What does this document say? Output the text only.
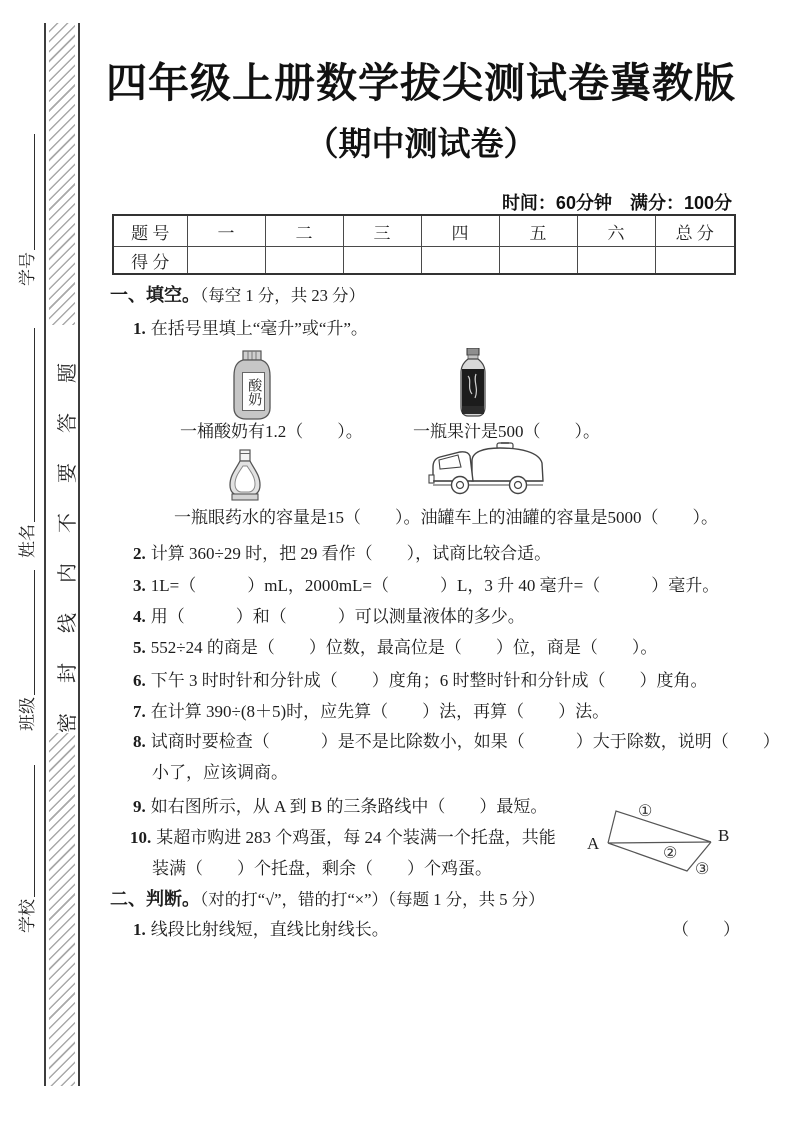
密封线内不要答题
学号
姓名
班级
学校
四年级上册数学拔尖测试卷冀教版
（期中测试卷）
时间：60分钟　满分：100分
题 号	一	二	三	四	五	六	总 分
得 分							
一、填空。（每空 1 分，共 23 分）
1. 在括号里填上“毫升”或“升”。
酸奶
一桶酸奶有1.2（　　）。	一瓶果汁是500（　　）。
一瓶眼药水的容量是15（　　）。油罐车上的油罐的容量是5000（　　）。
2. 计算 360÷29 时，把 29 看作（　　），试商比较合适。
3. 1L=（　　　）mL，2000mL=（　　　）L，3 升 40 毫升=（　　　）毫升。
4. 用（　　　）和（　　　）可以测量液体的多少。
5. 552÷24 的商是（　　）位数，最高位是（　　）位，商是（　　）。
6. 下午 3 时时针和分针成（　　）度角；6 时整时针和分针成（　　）度角。
7. 在计算 390÷(8＋5)时，应先算（　　）法，再算（　　）法。
8. 试商时要检查（　　　）是不是比除数小，如果（　　　）大于除数，说明（　　）
小了，应该调商。
9. 如右图所示，从 A 到 B 的三条路线中（　　）最短。
10. 某超市购进 283 个鸡蛋，每 24 个装满一个托盘，共能
装满（　　）个托盘，剩余（　　）个鸡蛋。
A	B
①
②
③
二、判断。（对的打“√”，错的打“×”）（每题 1 分，共 5 分）
1. 线段比射线短，直线比射线长。	（　　）
